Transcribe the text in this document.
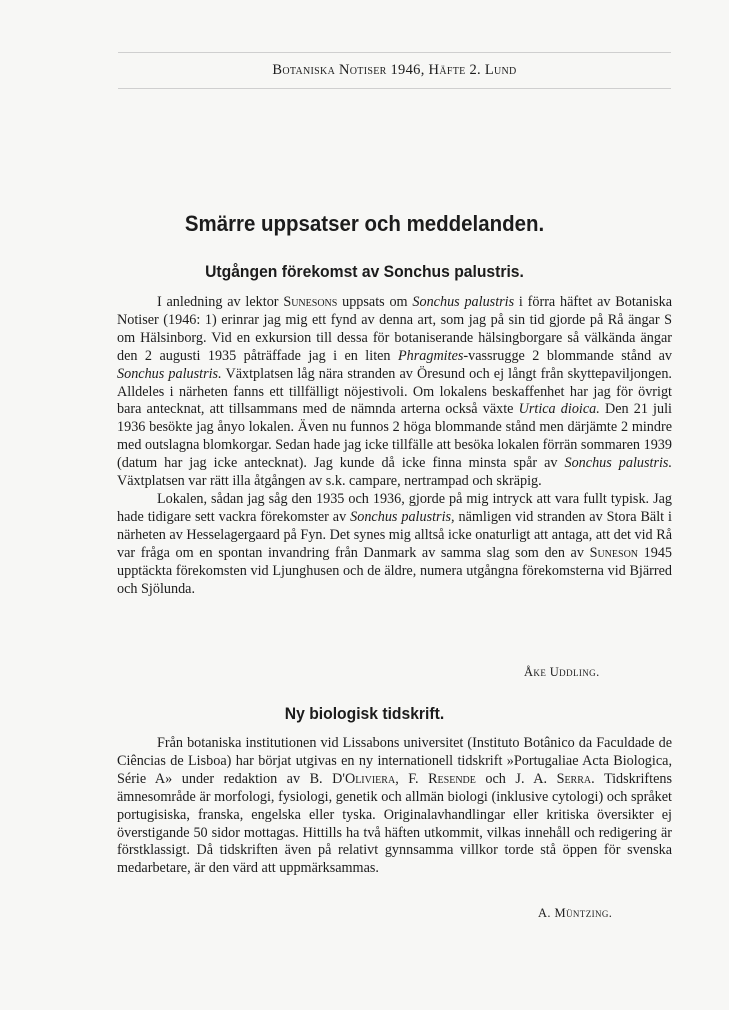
Botaniska Notiser 1946, Häfte 2. Lund
Smärre uppsatser och meddelanden.
Utgången förekomst av Sonchus palustris.

I anledning av lektor Sunesons uppsats om Sonchus palustris i förra häftet av Botaniska Notiser (1946: 1) erinrar jag mig ett fynd av denna art, som jag på sin tid gjorde på Rå ängar S om Hälsinborg. Vid en exkursion till dessa för botaniserande hälsingborgare så välkända ängar den 2 augusti 1935 påträffade jag i en liten Phragmites-vassrugge 2 blommande stånd av Sonchus palustris. Växtplatsen låg nära stranden av Öresund och ej långt från skyttepaviljongen. Alldeles i närheten fanns ett tillfälligt nöjestivoli. Om lokalens beskaffenhet har jag för övrigt bara antecknat, att tillsammans med de nämnda arterna också växte Urtica dioica. Den 21 juli 1936 besökte jag ånyo lokalen. Även nu funnos 2 höga blommande stånd men därjämte 2 mindre med outslagna blomkorgar. Sedan hade jag icke tillfälle att besöka lokalen förrän sommaren 1939 (datum har jag icke antecknat). Jag kunde då icke finna minsta spår av Sonchus palustris. Växtplatsen var rätt illa åtgången av s.k. campare, nertrampad och skräpig.

Lokalen, sådan jag såg den 1935 och 1936, gjorde på mig intryck att vara fullt typisk. Jag hade tidigare sett vackra förekomster av Sonchus palustris, nämligen vid stranden av Stora Bält i närheten av Hesselagergaard på Fyn. Det synes mig alltså icke onaturligt att antaga, att det vid Rå var fråga om en spontan invandring från Danmark av samma slag som den av Suneson 1945 upptäckta förekomsten vid Ljunghusen och de äldre, numera utgångna förekomsterna vid Bjärred och Sjölunda.

Åke Uddling.
Ny biologisk tidskrift.

Från botaniska institutionen vid Lissabons universitet (Instituto Botânico da Faculdade de Ciências de Lisboa) har börjat utgivas en ny internationell tidskrift »Portugaliae Acta Biologica, Série A» under redaktion av B. D'Oliviera, F. Resende och J. A. Serra. Tidskriftens ämnesområde är morfologi, fysiologi, genetik och allmän biologi (inklusive cytologi) och språket portugisiska, franska, engelska eller tyska. Originalavhandlingar eller kritiska översikter ej överstigande 50 sidor mottagas. Hittills ha två häften utkommit, vilkas innehåll och redigering är förstklassigt. Då tidskriften även på relativt gynnsamma villkor torde stå öppen för svenska medarbetare, är den värd att uppmärksammas.

A. Müntzing.
